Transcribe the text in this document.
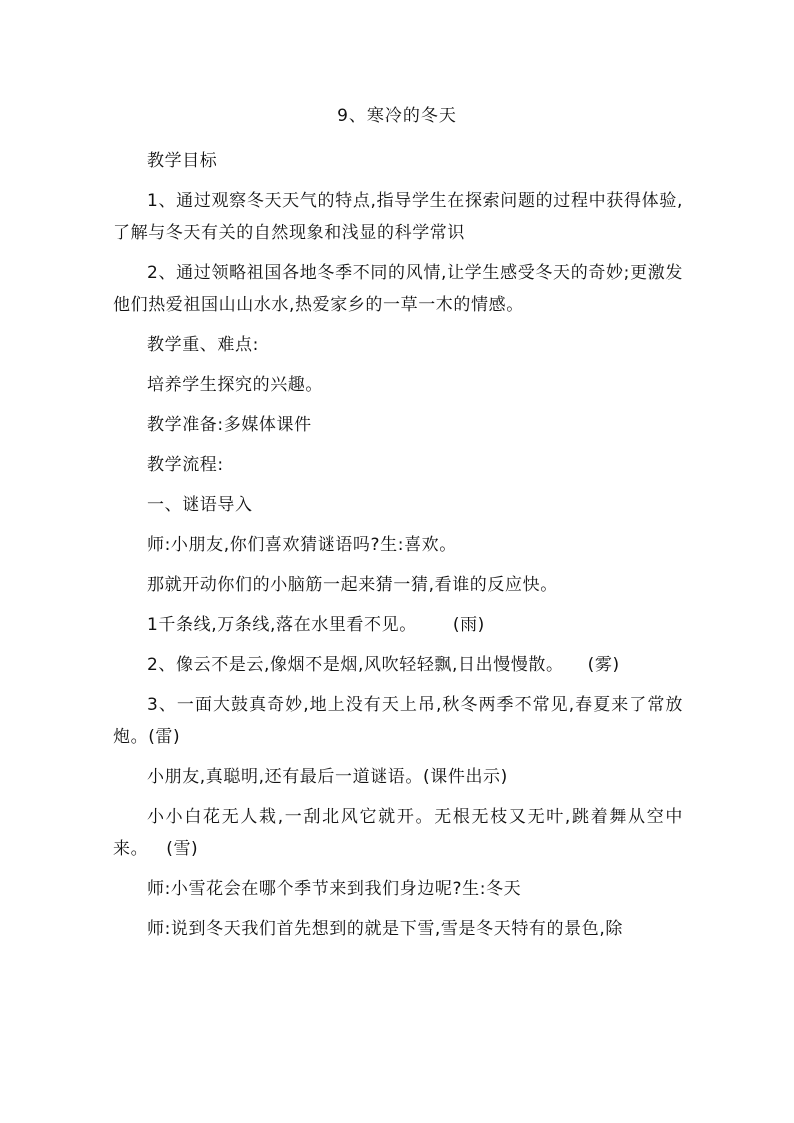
9、寒冷的冬天

教学目标

1、通过观察冬天天气的特点,指导学生在探索问题的过程中获得体验,了解与冬天有关的自然现象和浅显的科学常识

2、通过领略祖国各地冬季不同的风情,让学生感受冬天的奇妙;更激发他们热爱祖国山山水水,热爱家乡的一草一木的情感。

教学重、难点:

培养学生探究的兴趣。

教学准备:多媒体课件

教学流程:

一、谜语导入

师:小朋友,你们喜欢猜谜语吗?生:喜欢。

那就开动你们的小脑筋一起来猜一猜,看谁的反应快。

1千条线,万条线,落在水里看不见。      (雨)

2、像云不是云,像烟不是烟,风吹轻轻飘,日出慢慢散。    (雾)

3、一面大鼓真奇妙,地上没有天上吊,秋冬两季不常见,春夏来了常放炮。(雷)

小朋友,真聪明,还有最后一道谜语。(课件出示)

小小白花无人栽,一刮北风它就开。无根无枝又无叶,跳着舞从空中来。   (雪)

师:小雪花会在哪个季节来到我们身边呢?生:冬天

师:说到冬天我们首先想到的就是下雪,雪是冬天特有的景色,除
